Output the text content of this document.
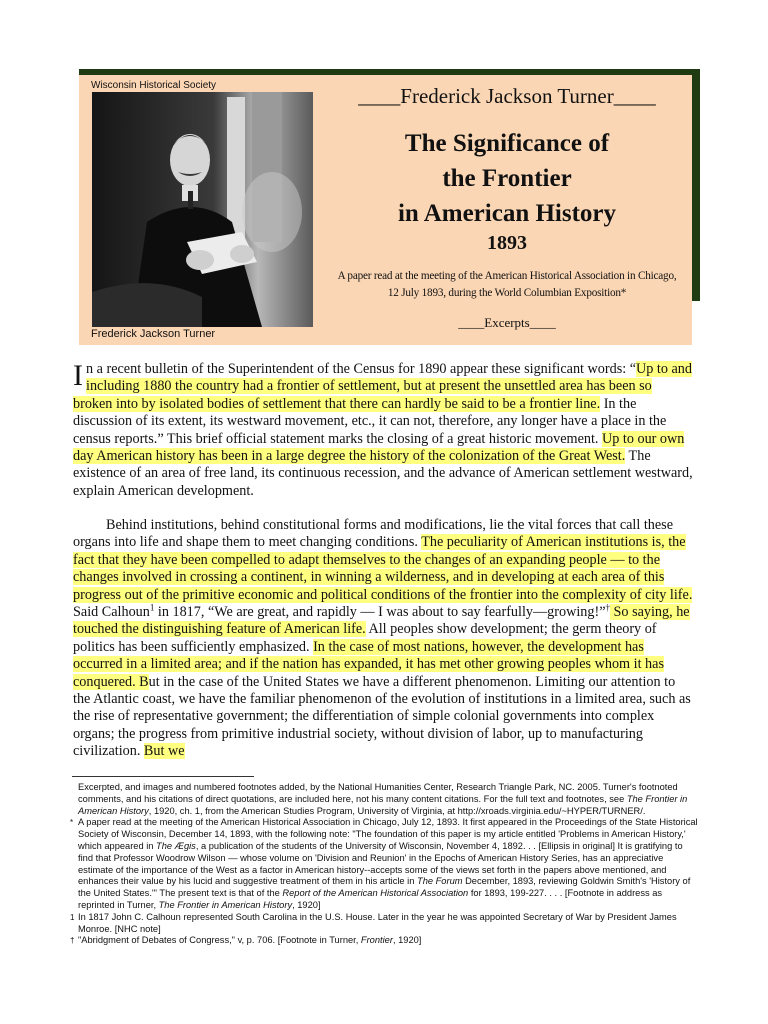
Wisconsin Historical Society
Frederick Jackson Turner
____Frederick Jackson Turner____
The Significance of
the Frontier
in American History
1893
A paper read at the meeting of the American Historical Association in Chicago, 12 July 1893, during the World Columbian Exposition*
____Excerpts____
In a recent bulletin of the Superintendent of the Census for 1890 appear these significant words: “Up to and including 1880 the country had a frontier of settlement, but at present the unsettled area has been so broken into by isolated bodies of settlement that there can hardly be said to be a frontier line. In the discussion of its extent, its westward movement, etc., it can not, therefore, any longer have a place in the census reports.” This brief official statement marks the closing of a great historic movement. Up to our own day American history has been in a large degree the history of the colonization of the Great West. The existence of an area of free land, its continuous recession, and the advance of American settlement westward, explain American development.
Behind institutions, behind constitutional forms and modifications, lie the vital forces that call these organs into life and shape them to meet changing conditions. The peculiarity of American institutions is, the fact that they have been compelled to adapt themselves to the changes of an expanding people — to the changes involved in crossing a continent, in winning a wilderness, and in developing at each area of this progress out of the primitive economic and political conditions of the frontier into the complexity of city life. Said Calhoun$^1$ in 1817, “We are great, and rapidly — I was about to say fearfully—growing!”† So saying, he touched the distinguishing feature of American life. All peoples show development; the germ theory of politics has been sufficiently emphasized. In the case of most nations, however, the development has occurred in a limited area; and if the nation has expanded, it has met other growing peoples whom it has conquered. But in the case of the United States we have a different phenomenon. Limiting our attention to the Atlantic coast, we have the familiar phenomenon of the evolution of institutions in a limited area, such as the rise of representative government; the differentiation of simple colonial governments into complex organs; the progress from primitive industrial society, without division of labor, up to manufacturing civilization. But we
Excerpted, and images and numbered footnotes added, by the National Humanities Center, Research Triangle Park, NC. 2005. Turner's footnoted comments, and his citations of direct quotations, are included here, not his many content citations. For the full text and footnotes, see The Frontier in American History, 1920, ch. 1, from the American Studies Program, University of Virginia, at http://xroads.virginia.edu/~HYPER/TURNER/.
* A paper read at the meeting of the American Historical Association in Chicago, July 12, 1893. It first appeared in the Proceedings of the State Historical Society of Wisconsin, December 14, 1893, with the following note: "The foundation of this paper is my article entitled 'Problems in American History,' which appeared in The Ægis, a publication of the students of the University of Wisconsin, November 4, 1892. . . [Ellipsis in original] It is gratifying to find that Professor Woodrow Wilson — whose volume on 'Division and Reunion' in the Epochs of American History Series, has an appreciative estimate of the importance of the West as a factor in American history--accepts some of the views set forth in the papers above mentioned, and enhances their value by his lucid and suggestive treatment of them in his article in The Forum December, 1893, reviewing Goldwin Smith's 'History of the United States.'" The present text is that of the Report of the American Historical Association for 1893, 199-227. . . . [Footnote in address as reprinted in Turner, The Frontier in American History, 1920]
1 In 1817 John C. Calhoun represented South Carolina in the U.S. House. Later in the year he was appointed Secretary of War by President James Monroe. [NHC note]
† "Abridgment of Debates of Congress," v, p. 706. [Footnote in Turner, Frontier, 1920]
